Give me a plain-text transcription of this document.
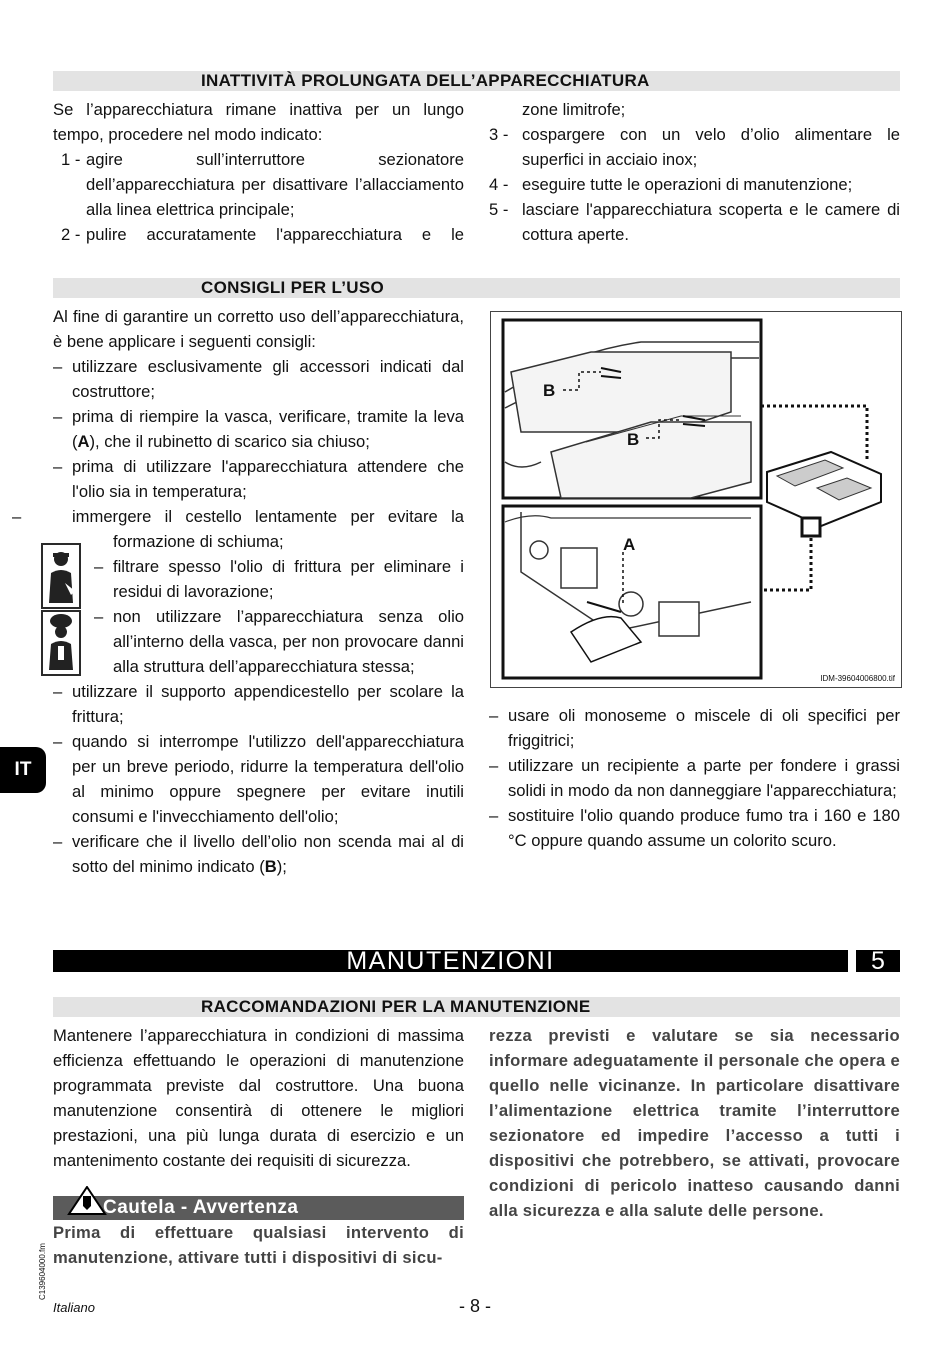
INATTIVITÀ PROLUNGATA DELL’APPARECCHIATURA
Se l’apparecchiatura rimane inattiva per un lungo tempo, procedere nel modo indicato:
1 - agire sull’interruttore sezionatore dell’apparecchiatura per disattivare l’allacciamento alla linea elettrica principale;
2 - pulire accuratamente l'apparecchiatura e le
zone limitrofe;
3 - cospargere con un velo d’olio alimentare le superfici in acciaio inox;
4 - eseguire tutte le operazioni di manutenzione;
5 - lasciare l'apparecchiatura scoperta e le camere di cottura aperte.
CONSIGLI PER L’USO
Al fine di garantire un corretto uso dell’apparecchiatura, è bene applicare i seguenti consigli:
– utilizzare esclusivamente gli accessori indicati dal costruttore;
– prima di riempire la vasca, verificare, tramite la leva (A), che il rubinetto di scarico sia chiuso;
– prima di utilizzare l'apparecchiatura attendere che l'olio sia in temperatura;
– immergere il cestello lentamente per evitare la formazione di schiuma;
– filtrare spesso l'olio di frittura per eliminare i residui di lavorazione;
– non utilizzare l’apparecchiatura senza olio all’interno della vasca, per non provocare danni alla struttura dell’apparecchiatura stessa;
– utilizzare il supporto appendicestello per scolare la frittura;
– quando si interrompe l'utilizzo dell'apparecchiatura per un breve periodo, ridurre la temperatura dell'olio al minimo oppure spegnere per evitare inutili consumi e l'invecchiamento dell'olio;
– verificare che il livello dell’olio non scenda mai al di sotto del minimo indicato (B);
B
B
A
IDM-39604006800.tif
– usare oli monoseme o miscele di oli specifici per friggitrici;
– utilizzare un recipiente a parte per fondere i grassi solidi in modo da non danneggiare l'apparecchiatura;
– sostituire l'olio quando produce fumo tra i 160 e 180 °C oppure quando assume un colorito scuro.
IT
MANUTENZIONI	5
RACCOMANDAZIONI PER LA MANUTENZIONE
Mantenere l’apparecchiatura in condizioni di massima efficienza effettuando le operazioni di manutenzione programmata previste dal costruttore. Una buona manutenzione consentirà di ottenere le migliori prestazioni, una più lunga durata di esercizio e un mantenimento costante dei requisiti di sicurezza.
Cautela - Avvertenza
Prima di effettuare qualsiasi intervento di manutenzione, attivare tutti i dispositivi di sicu-
rezza previsti e valutare se sia necessario informare adeguatamente il personale che opera e quello nelle vicinanze. In particolare disattivare l’alimentazione elettrica tramite l’interruttore sezionatore ed impedire l’accesso a tutti i dispositivi che potrebbero, se attivati, provocare condizioni di pericolo inatteso causando danni alla sicurezza e alla salute delle persone.
C139604000.fm
Italiano	- 8 -
